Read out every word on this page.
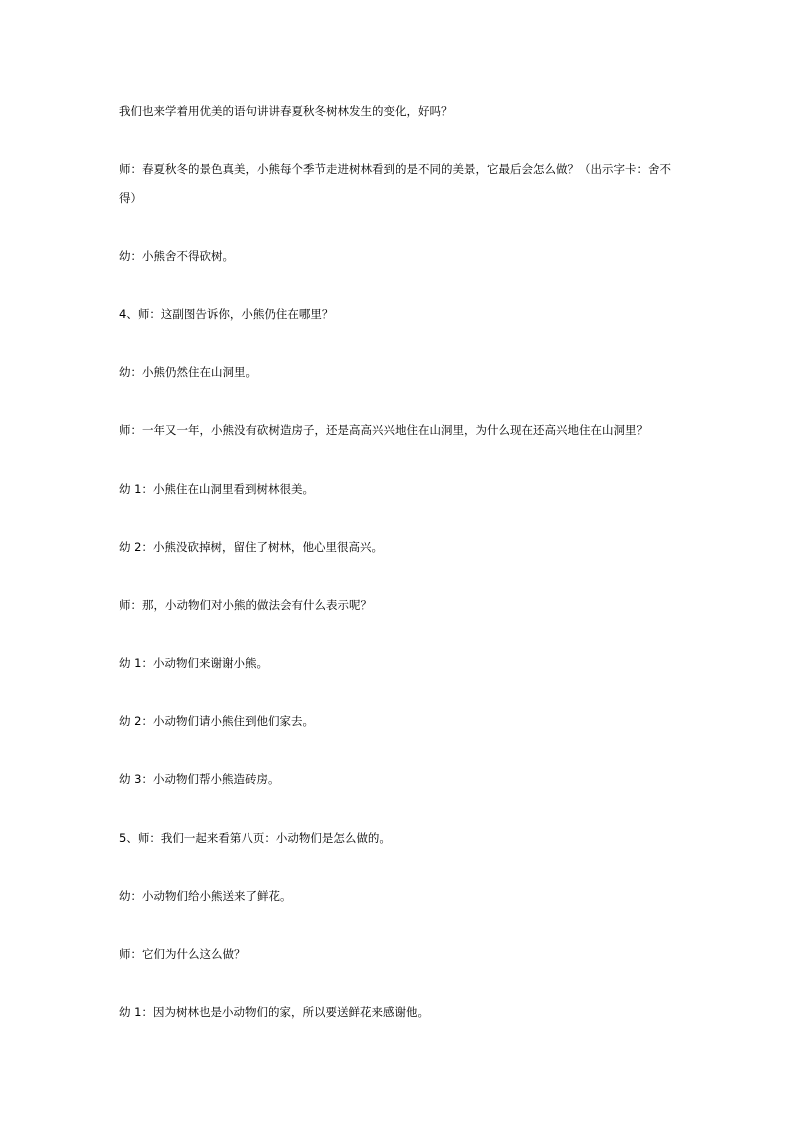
我们也来学着用优美的语句讲讲春夏秋冬树林发生的变化，好吗？

师：春夏秋冬的景色真美，小熊每个季节走进树林看到的是不同的美景，它最后会怎么做？（出示字卡：舍不得）

幼：小熊舍不得砍树。

4、师：这副图告诉你，小熊仍住在哪里？

幼：小熊仍然住在山洞里。

师：一年又一年，小熊没有砍树造房子，还是高高兴兴地住在山洞里，为什么现在还高兴地住在山洞里？

幼 1：小熊住在山洞里看到树林很美。

幼 2：小熊没砍掉树，留住了树林，他心里很高兴。

师：那，小动物们对小熊的做法会有什么表示呢？

幼 1：小动物们来谢谢小熊。

幼 2：小动物们请小熊住到他们家去。

幼 3：小动物们帮小熊造砖房。

5、师：我们一起来看第八页：小动物们是怎么做的。

幼：小动物们给小熊送来了鲜花。

师：它们为什么这么做？

幼 1：因为树林也是小动物们的家，所以要送鲜花来感谢他。
